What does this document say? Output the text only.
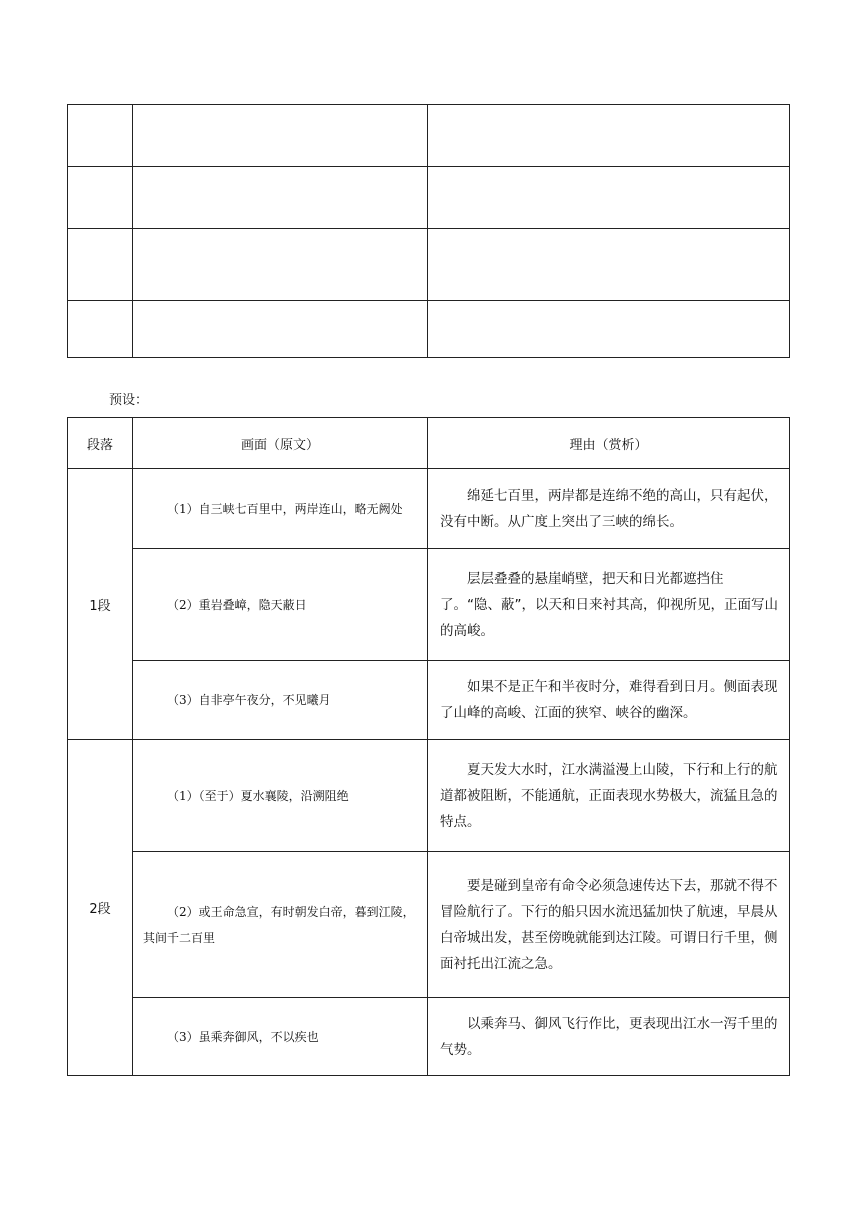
预设：

段落	画面（原文）	理由（赏析）
1段	（1）自三峡七百里中，两岸连山，略无阙处	绵延七百里，两岸都是连绵不绝的高山，只有起伏，没有中断。从广度上突出了三峡的绵长。
	（2）重岩叠嶂，隐天蔽日	层层叠叠的悬崖峭壁，把天和日光都遮挡住了。“隐、蔽”，以天和日来衬其高，仰视所见，正面写山的高峻。
	（3）自非亭午夜分，不见曦月	如果不是正午和半夜时分，难得看到日月。侧面表现了山峰的高峻、江面的狭窄、峡谷的幽深。
2段	（1）（至于）夏水襄陵，沿溯阻绝	夏天发大水时，江水满溢漫上山陵，下行和上行的航道都被阻断，不能通航，正面表现水势极大，流猛且急的特点。
	（2）或王命急宣，有时朝发白帝，暮到江陵，其间千二百里	要是碰到皇帝有命令必须急速传达下去，那就不得不冒险航行了。下行的船只因水流迅猛加快了航速，早晨从白帝城出发，甚至傍晚就能到达江陵。可谓日行千里，侧面衬托出江流之急。
	（3）虽乘奔御风，不以疾也	以乘奔马、御风飞行作比，更表现出江水一泻千里的气势。
